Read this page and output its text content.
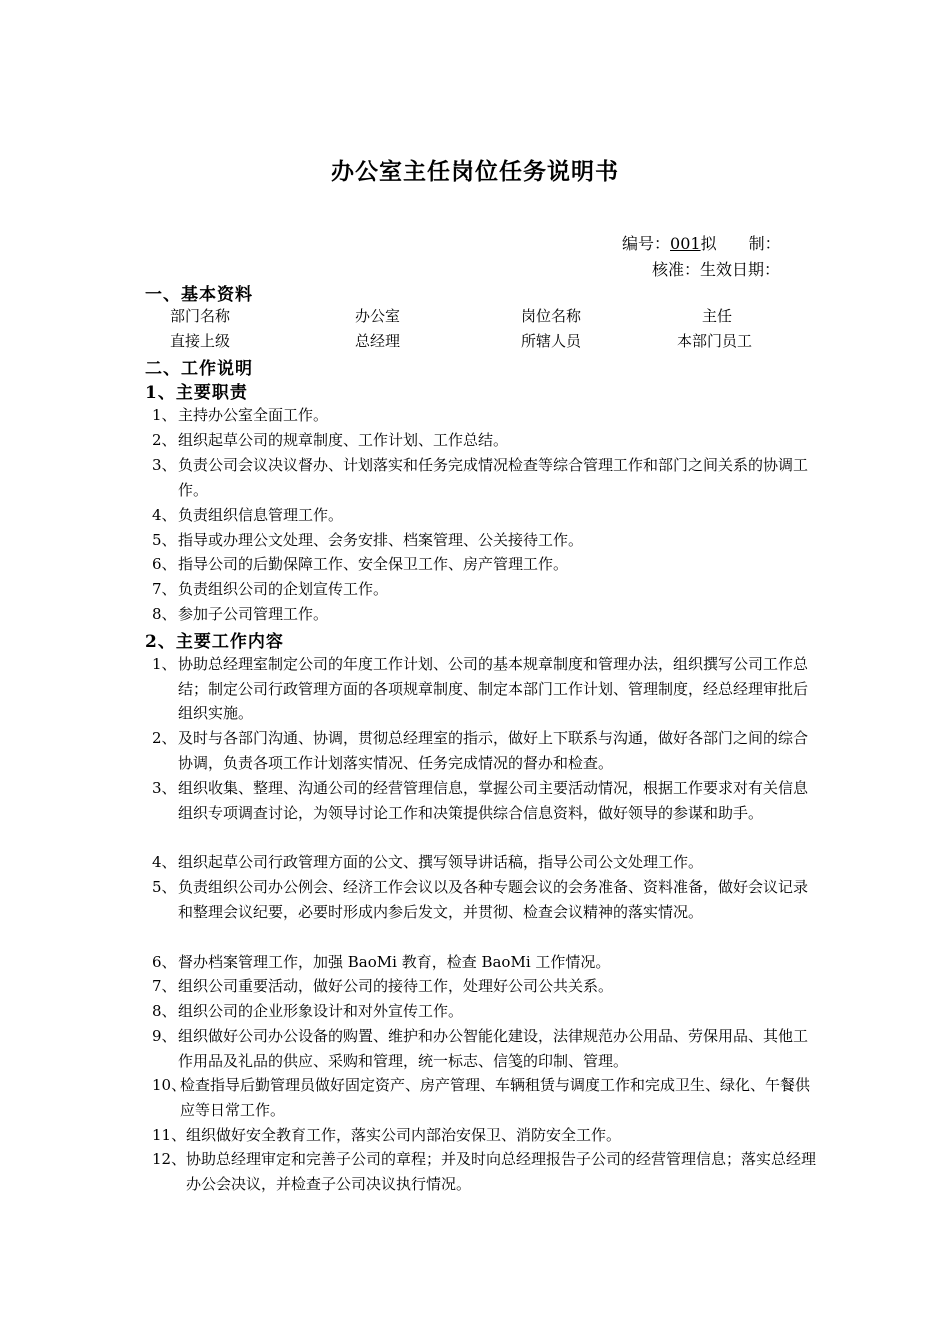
办公室主任岗位任务说明书
编号：001拟　　制：
核准：生效日期：
一、基本资料
部门名称	办公室	岗位名称	主任
直接上级	总经理	所辖人员	本部门员工
二、工作说明
1、主要职责
1、 主持办公室全面工作。
2、 组织起草公司的规章制度、工作计划、工作总结。
3、 负责公司会议决议督办、计划落实和任务完成情况检查等综合管理工作和部门之间关系的协调工作。
4、 负责组织信息管理工作。
5、 指导或办理公文处理、会务安排、档案管理、公关接待工作。
6、 指导公司的后勤保障工作、安全保卫工作、房产管理工作。
7、 负责组织公司的企划宣传工作。
8、 参加子公司管理工作。
2、主要工作内容
1、 协助总经理室制定公司的年度工作计划、公司的基本规章制度和管理办法，组织撰写公司工作总结；制定公司行政管理方面的各项规章制度、制定本部门工作计划、管理制度，经总经理审批后组织实施。
2、 及时与各部门沟通、协调，贯彻总经理室的指示，做好上下联系与沟通，做好各部门之间的综合协调，负责各项工作计划落实情况、任务完成情况的督办和检查。
3、 组织收集、整理、沟通公司的经营管理信息，掌握公司主要活动情况，根据工作要求对有关信息组织专项调查讨论，为领导讨论工作和决策提供综合信息资料，做好领导的参谋和助手。
4、 组织起草公司行政管理方面的公文、撰写领导讲话稿，指导公司公文处理工作。
5、 负责组织公司办公例会、经济工作会议以及各种专题会议的会务准备、资料准备，做好会议记录和整理会议纪要，必要时形成内参后发文，并贯彻、检查会议精神的落实情况。
6、 督办档案管理工作，加强 BaoMi 教育，检查 BaoMi 工作情况。
7、 组织公司重要活动，做好公司的接待工作，处理好公司公共关系。
8、 组织公司的企业形象设计和对外宣传工作。
9、 组织做好公司办公设备的购置、维护和办公智能化建设，法律规范办公用品、劳保用品、其他工作用品及礼品的供应、采购和管理，统一标志、信笺的印制、管理。
10、
检查指导后勤管理员做好固定资产、房产管理、车辆租赁与调度工作和完成卫生、绿化、午餐供应等日常工作。
11、 组织做好安全教育工作，落实公司内部治安保卫、消防安全工作。
12、 协助总经理审定和完善子公司的章程；并及时向总经理报告子公司的经营管理信息；落实总经理办公会决议，并检查子公司决议执行情况。
